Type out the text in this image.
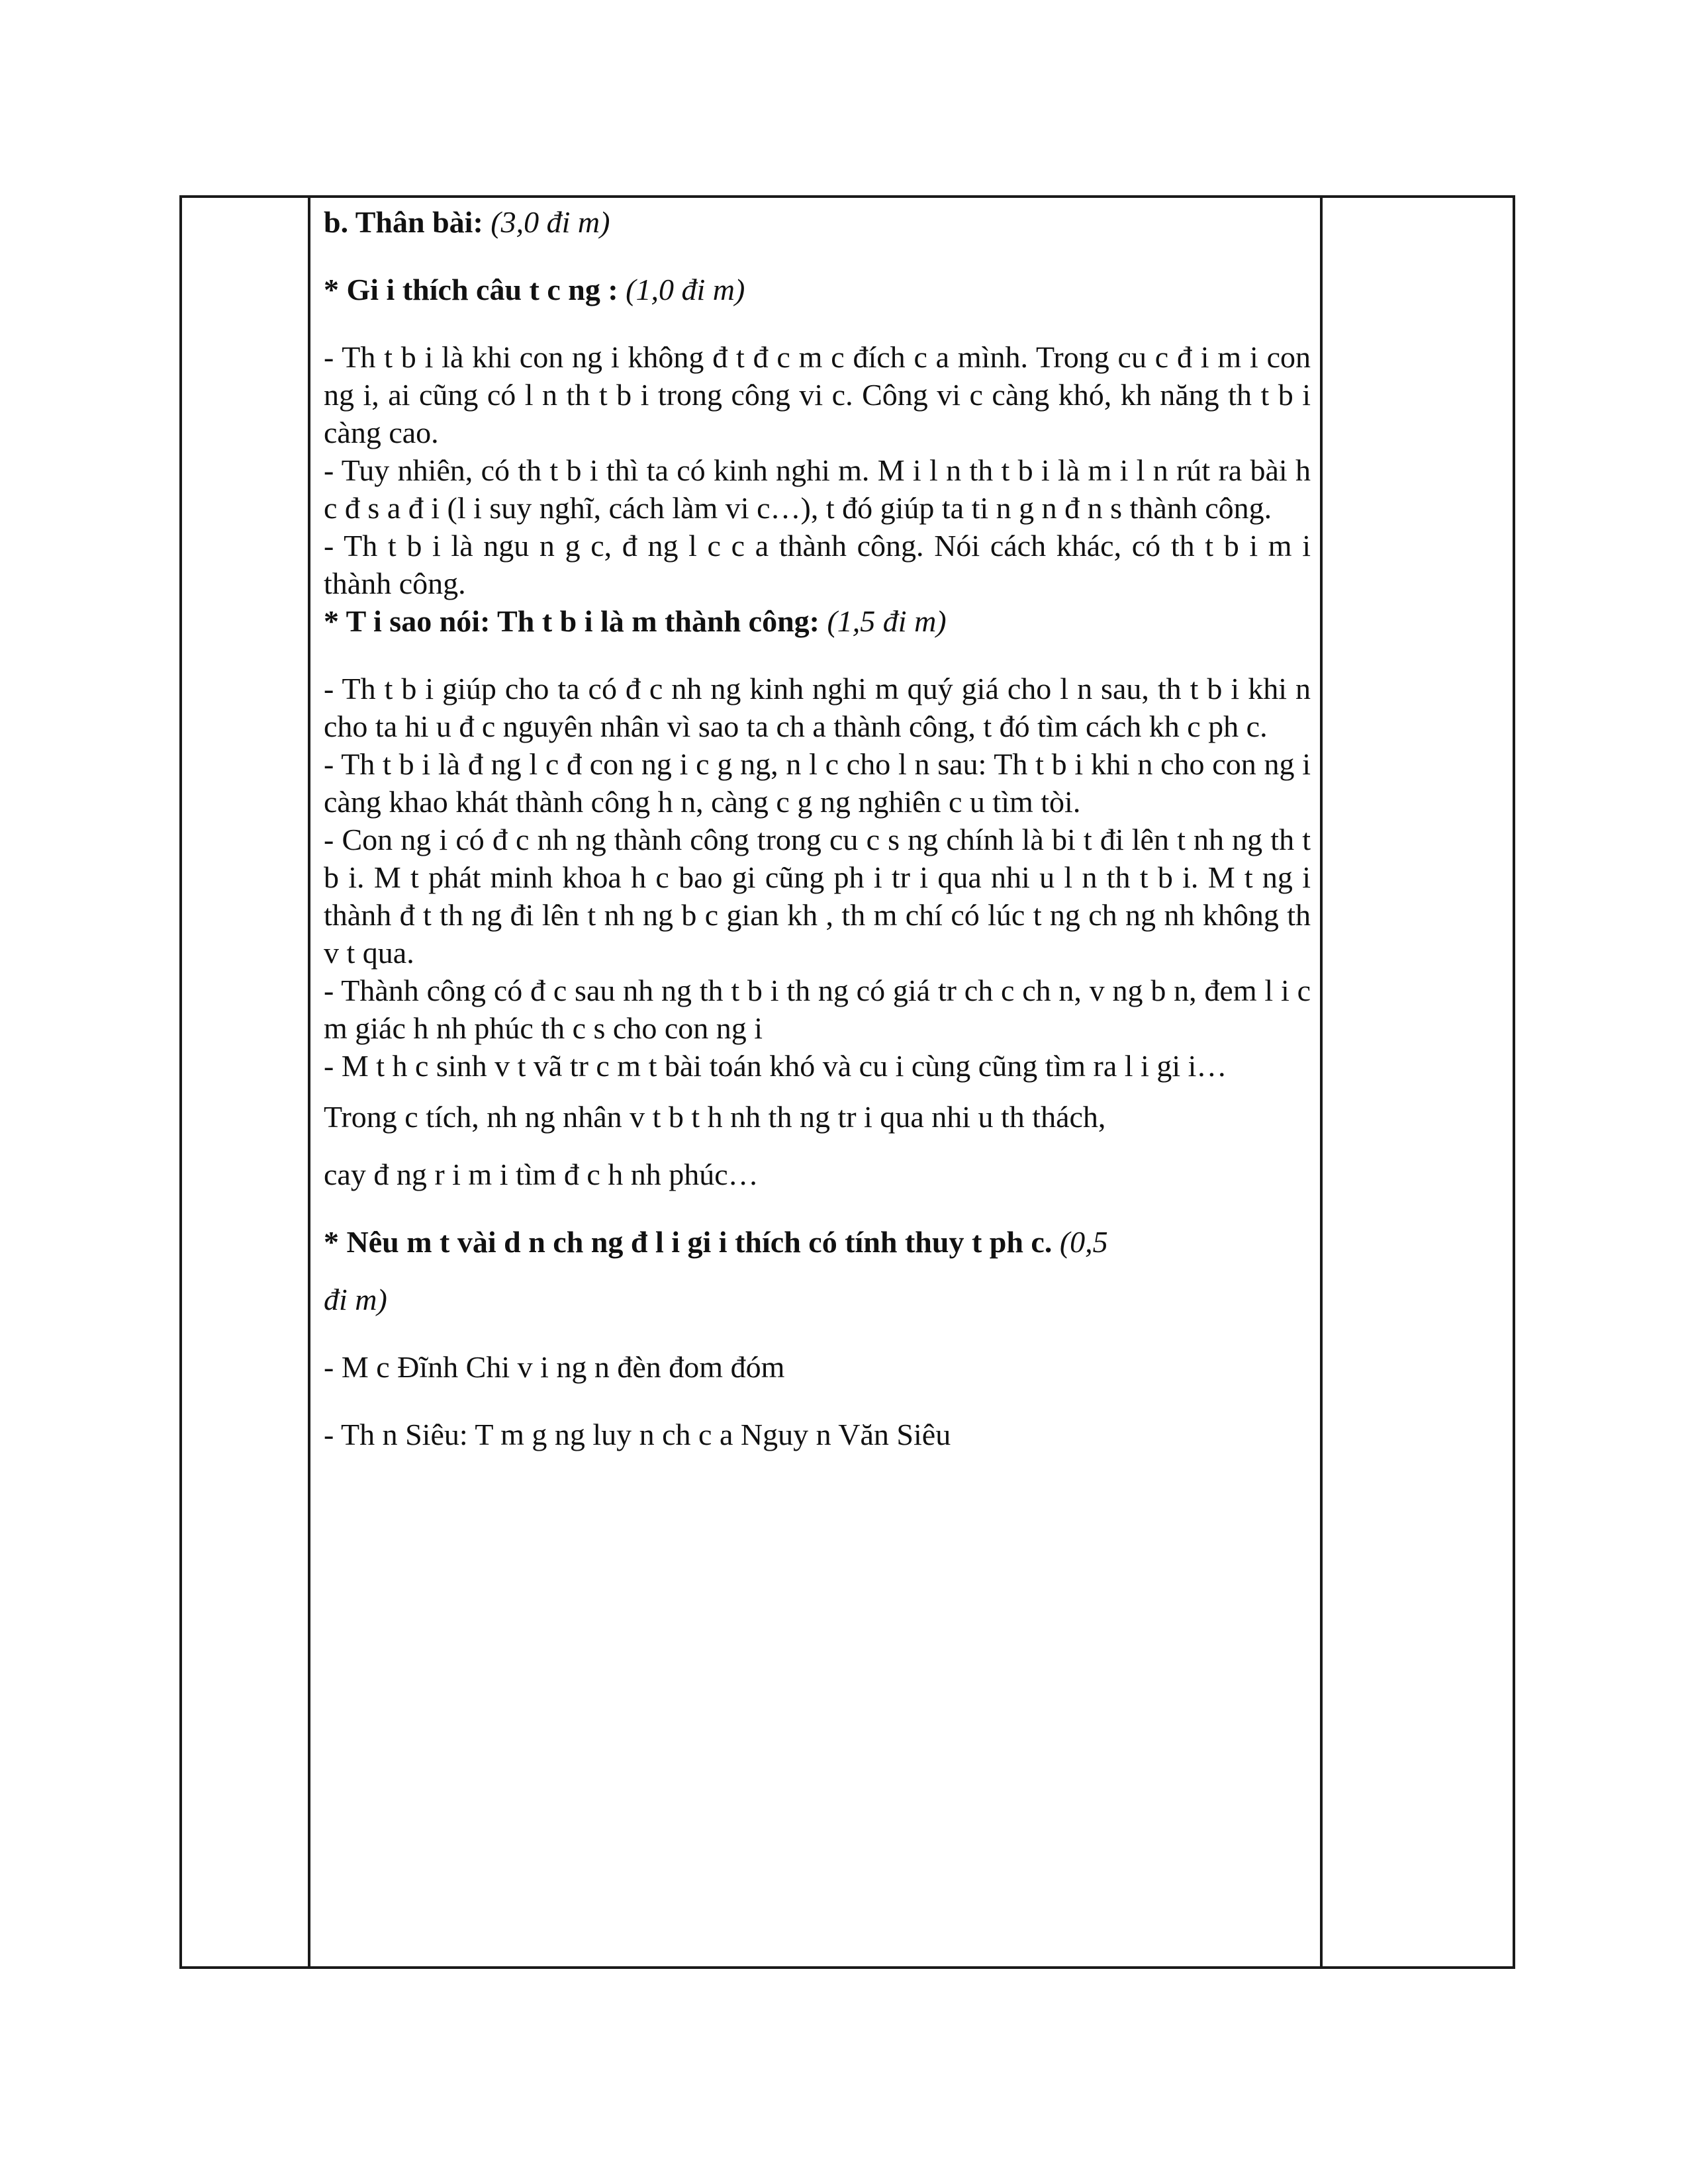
b. Thân bài: (3,0 đi m)

* Gi i thích câu t c ng : (1,0 đi m)

- Th t b i là khi con ng i không đ t đ c m c đích c a mình. Trong cu c đ i m i con ng i, ai cũng có l n th t b i trong công vi c. Công vi c càng khó, kh năng th t b i càng cao.

- Tuy nhiên, có th t b i thì ta có kinh nghi m. M i l n th t b i là m i l n rút ra bài h c đ s a đ i (l i suy nghĩ, cách làm vi c…), t đó giúp ta ti n g n đ n s thành công.

- Th t b i là ngu n g c, đ ng l c c a thành công. Nói cách khác, có th t b i m i thành công.

* T i sao nói: Th t b i là m thành công: (1,5 đi m)

- Th t b i giúp cho ta có đ c nh ng kinh nghi m quý giá cho l n sau, th t b i khi n cho ta hi u đ c nguyên nhân vì sao ta ch a thành công, t đó tìm cách kh c ph c.

- Th t b i là đ ng l c đ con ng i c g ng, n l c cho l n sau: Th t b i khi n cho con ng i càng khao khát thành công h n, càng c g ng nghiên c u tìm tòi.

- Con ng i có đ c nh ng thành công trong cu c s ng chính là bi t đi lên t nh ng th t b i. M t phát minh khoa h c bao gi cũng ph i tr i qua nhi u l n th t b i. M t ng i thành đ t th ng đi lên t nh ng b c gian kh , th m chí có lúc t ng ch ng nh không th v t qua.

- Thành công có đ c sau nh ng th t b i th ng có giá tr ch c ch n, v ng b n, đem l i c m giác h nh phúc th c s cho con ng i

- M t h c sinh v t vã tr c m t bài toán khó và cu i cùng cũng tìm ra l i gi i…

Trong c tích, nh ng nhân v t b t h nh th ng tr i qua nhi u th thách,

cay đ ng r i m i tìm đ c h nh phúc…

* Nêu m t vài d n ch ng đ l i gi i thích có tính thuy t ph c. (0,5

đi m)

- M c Đĩnh Chi v i ng n đèn đom đóm

- Th n Siêu: T m g ng luy n ch c a Nguy n Văn Siêu
